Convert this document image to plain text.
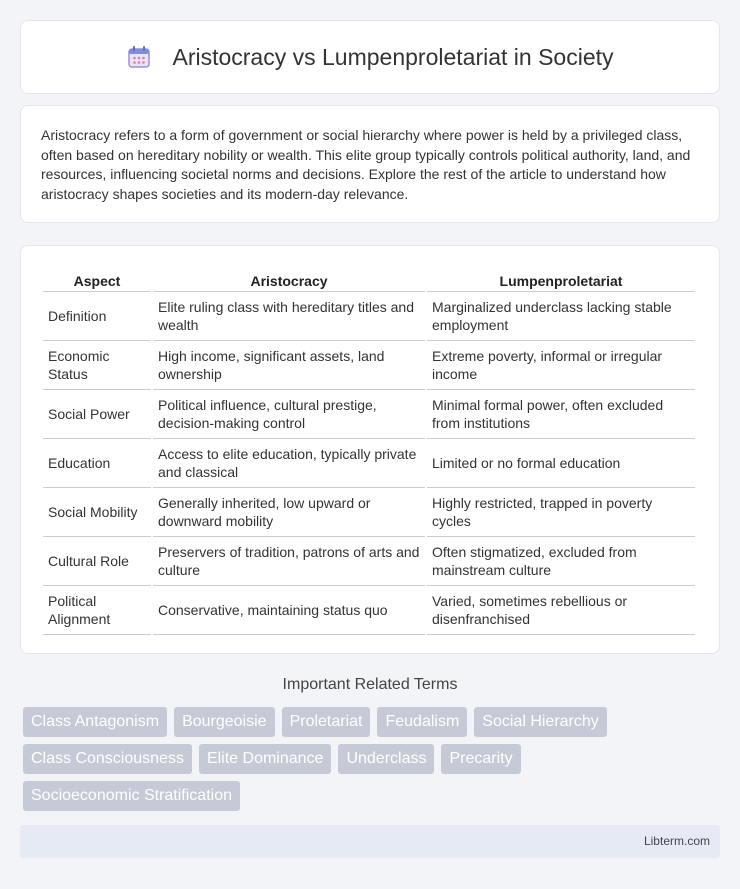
Aristocracy vs Lumpenproletariat in Society

Aristocracy refers to a form of government or social hierarchy where power is held by a privileged class, often based on hereditary nobility or wealth. This elite group typically controls political authority, land, and resources, influencing societal norms and decisions. Explore the rest of the article to understand how aristocracy shapes societies and its modern-day relevance.

Aspect	Aristocracy	Lumpenproletariat
Definition	Elite ruling class with hereditary titles and wealth	Marginalized underclass lacking stable employment
Economic Status	High income, significant assets, land ownership	Extreme poverty, informal or irregular income
Social Power	Political influence, cultural prestige, decision-making control	Minimal formal power, often excluded from institutions
Education	Access to elite education, typically private and classical	Limited or no formal education
Social Mobility	Generally inherited, low upward or downward mobility	Highly restricted, trapped in poverty cycles
Cultural Role	Preservers of tradition, patrons of arts and culture	Often stigmatized, excluded from mainstream culture
Political Alignment	Conservative, maintaining status quo	Varied, sometimes rebellious or disenfranchised
Important Related Terms
Class Antagonism	Bourgeoisie	Proletariat	Feudalism	Social Hierarchy
Class Consciousness	Elite Dominance	Underclass	Precarity
Socioeconomic Stratification
Libterm.com
